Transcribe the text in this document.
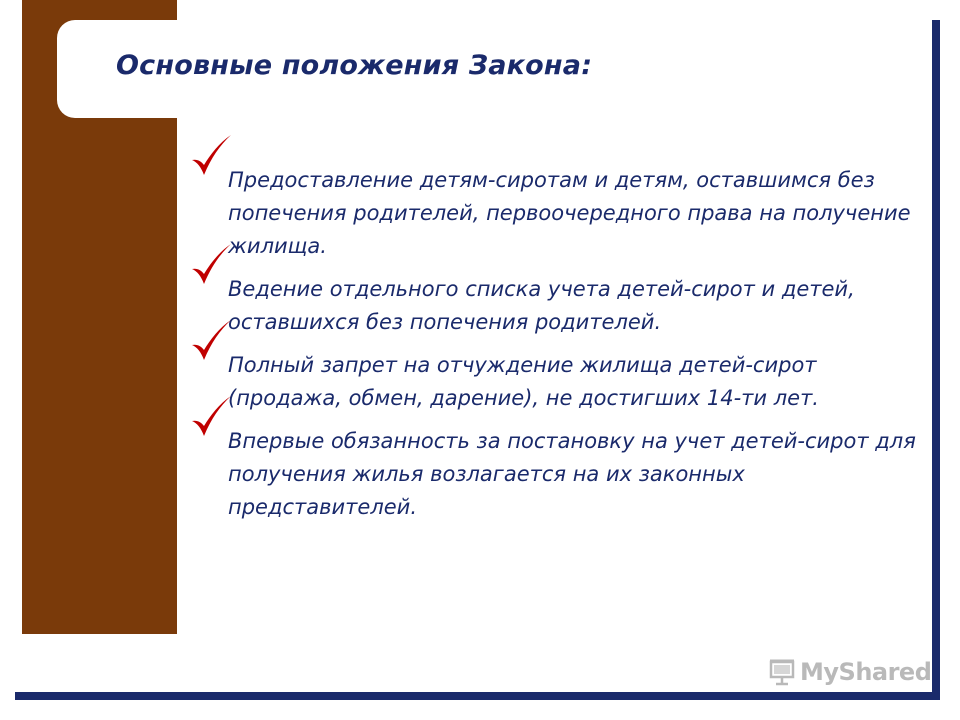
Основные положения Закона:
Предоставление детям-сиротам и детям, оставшимся без попечения родителей, первоочередного права на получение жилища.
Ведение отдельного списка учета детей-сирот и детей, оставшихся без попечения родителей.
Полный запрет на отчуждение жилища детей-сирот (продажа, обмен, дарение), не достигших 14-ти лет.
Впервые обязанность за постановку на учет детей-сирот для получения жилья возлагается на их законных представителей.
MyShared
